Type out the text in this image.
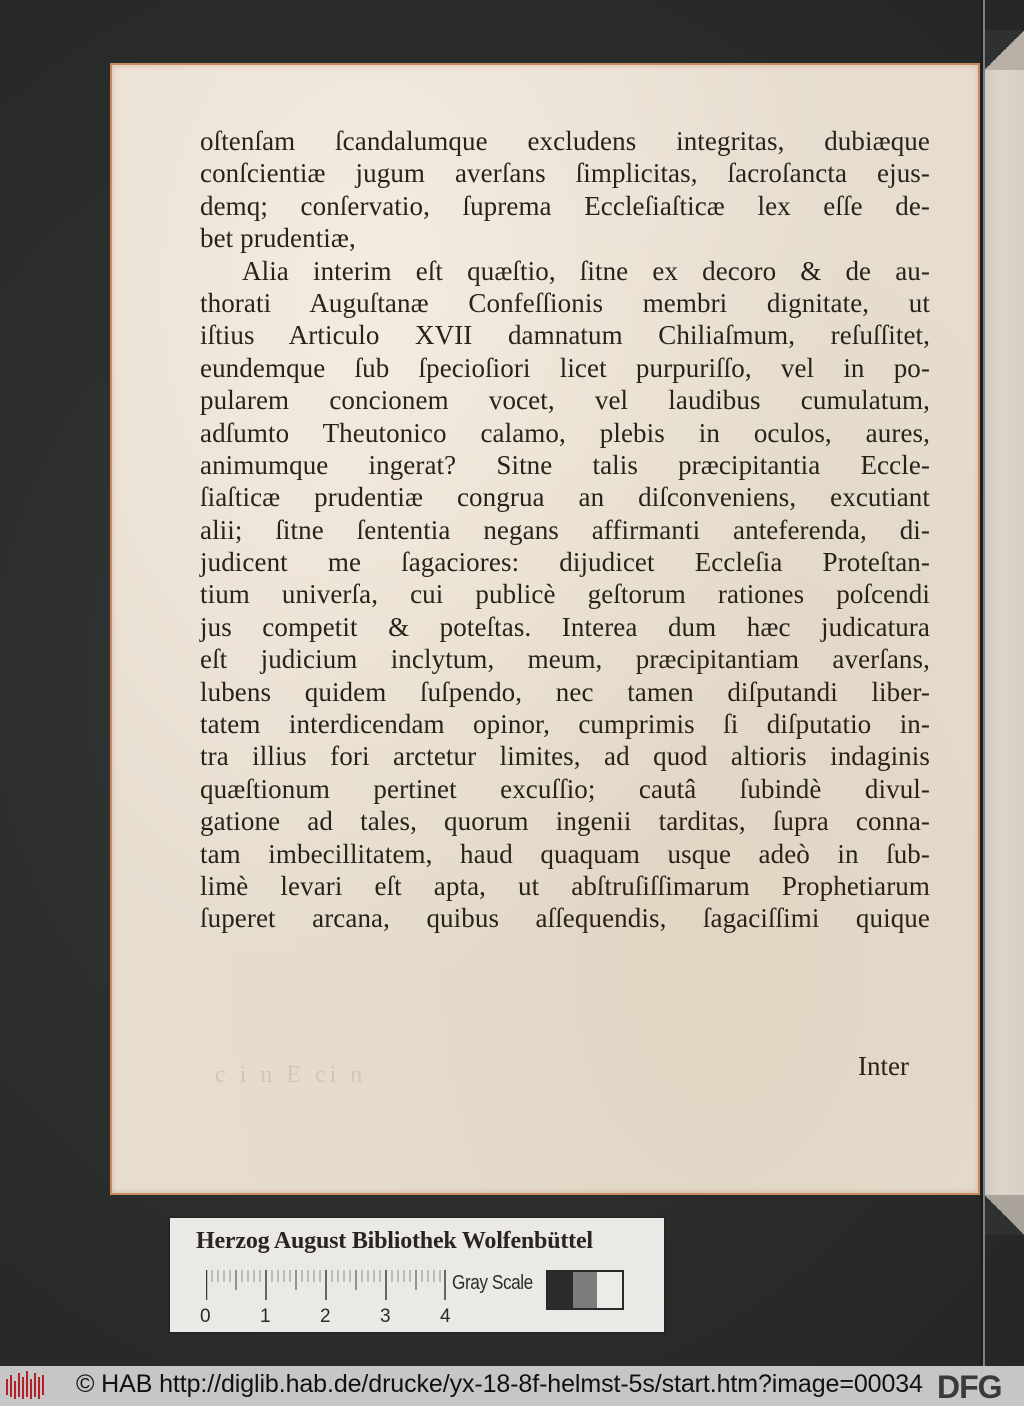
oſtenſam ſcandalumque excludens integritas, dubiæque
conſcientiæ jugum averſans ſimplicitas, ſacroſancta ejus-
demq; conſervatio, ſuprema Eccleſiaſticæ lex eſſe de-
bet prudentiæ,
Alia interim eſt quæſtio, ſitne ex decoro & de au-
thorati Auguſtanæ Confeſſionis membri dignitate, ut
iſtius Articulo XVII damnatum Chiliaſmum, reſuſſitet,
eundemque ſub ſpecioſiori licet purpuriſſo, vel in po-
pularem concionem vocet, vel laudibus cumulatum,
adſumto Theutonico calamo, plebis in oculos, aures,
animumque ingerat? Sitne talis præcipitantia Eccle-
ſiaſticæ prudentiæ congrua an diſconveniens, excutiant
alii; ſitne ſententia negans affirmanti anteferenda, di-
judicent me ſagaciores: dijudicet Eccleſia Proteſtan-
tium univerſa, cui publicè geſtorum rationes poſcendi
jus competit & poteſtas. Interea dum hæc judicatura
eſt judicium inclytum, meum, præcipitantiam averſans,
lubens quidem ſuſpendo, nec tamen diſputandi liber-
tatem interdicendam opinor, cumprimis ſi diſputatio in-
tra illius fori arctetur limites, ad quod altioris indaginis
quæſtionum pertinet excuſſio; cautâ ſubindè divul-
gatione ad tales, quorum ingenii tarditas, ſupra conna-
tam imbecillitatem, haud quaquam usque adeò in ſub-
limè levari eſt apta, ut abſtruſiſſimarum Prophetiarum
ſuperet arcana, quibus aſſequendis, ſagaciſſimi quique
c i n E ci n	Inter
Herzog August Bibliothek Wolfenbüttel
0	1	2	3	4
Gray Scale
© HAB http://diglib.hab.de/drucke/yx-18-8f-helmst-5s/start.htm?image=00034 DFG
